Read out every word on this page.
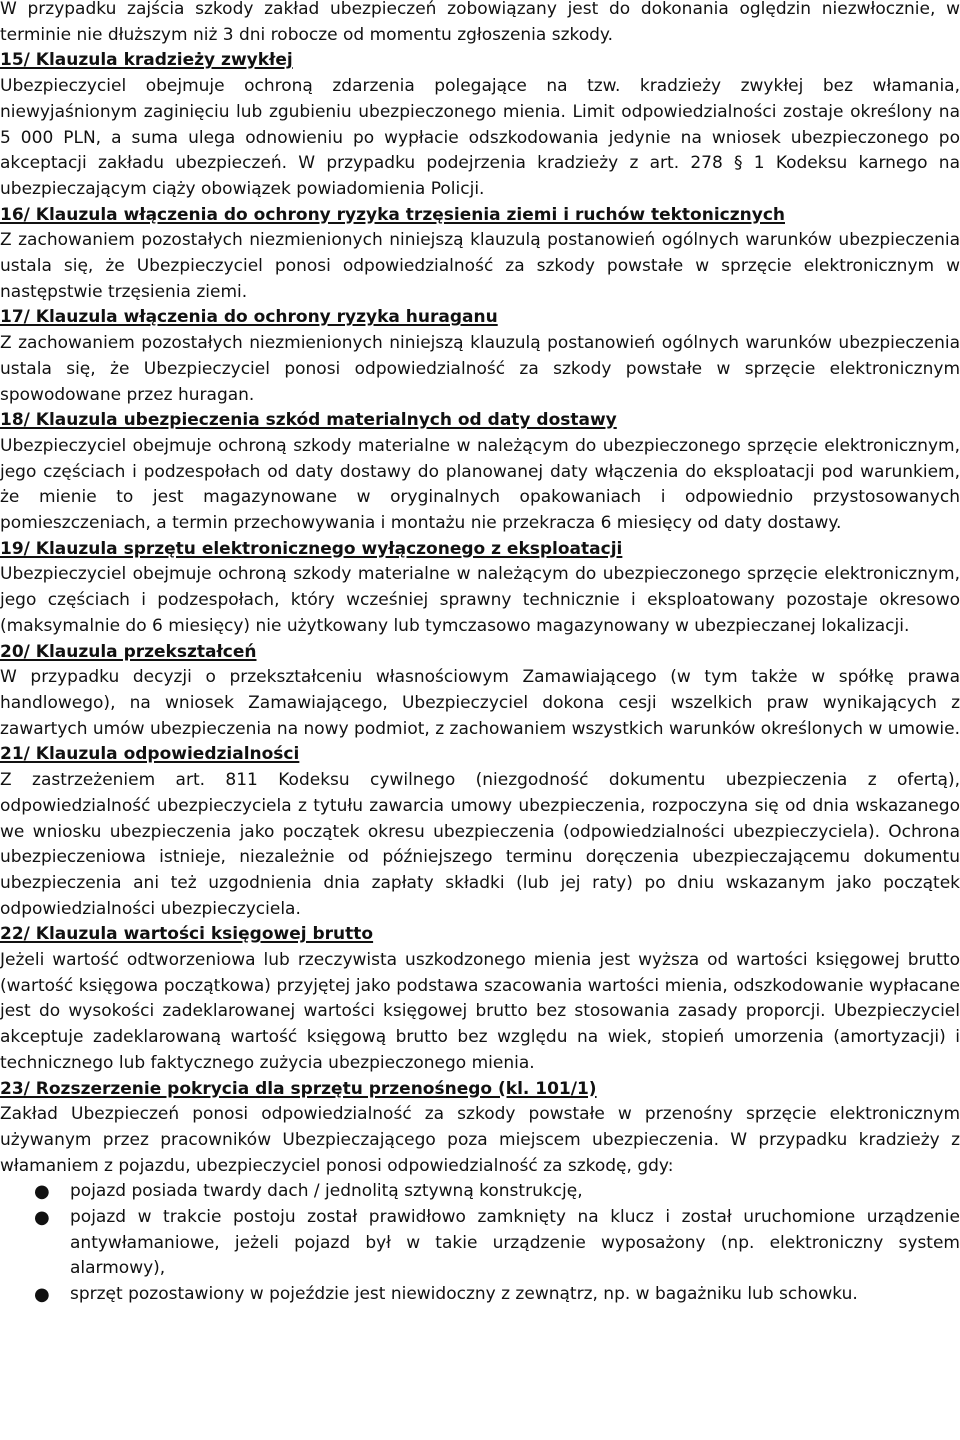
W przypadku zajścia szkody zakład ubezpieczeń zobowiązany jest do dokonania oględzin niezwłocznie, w terminie nie dłuższym niż 3 dni robocze od momentu zgłoszenia szkody.

15/ Klauzula kradzieży zwykłej

Ubezpieczyciel obejmuje ochroną zdarzenia polegające na tzw. kradzieży zwykłej bez włamania, niewyjaśnionym zaginięciu lub zgubieniu ubezpieczonego mienia. Limit odpowiedzialności zostaje określony na 5 000 PLN, a suma ulega odnowieniu po wypłacie odszkodowania jedynie na wniosek ubezpieczonego po akceptacji zakładu ubezpieczeń. W przypadku podejrzenia kradzieży z art. 278 § 1 Kodeksu karnego na ubezpieczającym ciąży obowiązek powiadomienia Policji.

16/ Klauzula włączenia do ochrony ryzyka trzęsienia ziemi i ruchów tektonicznych

Z zachowaniem pozostałych niezmienionych niniejszą klauzulą postanowień ogólnych warunków ubezpieczenia ustala się, że Ubezpieczyciel ponosi odpowiedzialność za szkody powstałe w sprzęcie elektronicznym w następstwie trzęsienia ziemi.

17/ Klauzula włączenia do ochrony ryzyka huraganu

Z zachowaniem pozostałych niezmienionych niniejszą klauzulą postanowień ogólnych warunków ubezpieczenia ustala się, że Ubezpieczyciel ponosi odpowiedzialność za szkody powstałe w sprzęcie elektronicznym spowodowane przez huragan.

18/ Klauzula ubezpieczenia szkód materialnych od daty dostawy

Ubezpieczyciel obejmuje ochroną szkody materialne w należącym do ubezpieczonego sprzęcie elektronicznym, jego częściach i podzespołach od daty dostawy do planowanej daty włączenia do eksploatacji pod warunkiem, że mienie to jest magazynowane w oryginalnych opakowaniach i odpowiednio przystosowanych pomieszczeniach, a termin przechowywania i montażu nie przekracza 6 miesięcy od daty dostawy.

19/ Klauzula sprzętu elektronicznego wyłączonego z eksploatacji

Ubezpieczyciel obejmuje ochroną szkody materialne w należącym do ubezpieczonego sprzęcie elektronicznym, jego częściach i podzespołach, który wcześniej sprawny technicznie i eksploatowany pozostaje okresowo (maksymalnie do 6 miesięcy) nie użytkowany lub tymczasowo magazynowany w ubezpieczanej lokalizacji.

20/ Klauzula przekształceń

W przypadku decyzji o przekształceniu własnościowym Zamawiającego (w tym także w spółkę prawa handlowego), na wniosek Zamawiającego, Ubezpieczyciel dokona cesji wszelkich praw wynikających z zawartych umów ubezpieczenia na nowy podmiot, z zachowaniem wszystkich warunków określonych w umowie.

21/ Klauzula odpowiedzialności

Z zastrzeżeniem art. 811 Kodeksu cywilnego (niezgodność dokumentu ubezpieczenia z ofertą), odpowiedzialność ubezpieczyciela z tytułu zawarcia umowy ubezpieczenia, rozpoczyna się od dnia wskazanego we wniosku ubezpieczenia jako początek okresu ubezpieczenia (odpowiedzialności ubezpieczyciela). Ochrona ubezpieczeniowa istnieje, niezależnie od późniejszego terminu doręczenia ubezpieczającemu dokumentu ubezpieczenia ani też uzgodnienia dnia zapłaty składki (lub jej raty) po dniu wskazanym jako początek odpowiedzialności ubezpieczyciela.

22/ Klauzula wartości księgowej brutto

Jeżeli wartość odtworzeniowa lub rzeczywista uszkodzonego mienia jest wyższa od wartości księgowej brutto (wartość księgowa początkowa) przyjętej jako podstawa szacowania wartości mienia, odszkodowanie wypłacane jest do wysokości zadeklarowanej wartości księgowej brutto bez stosowania zasady proporcji. Ubezpieczyciel akceptuje zadeklarowaną wartość księgową brutto bez względu na wiek, stopień umorzenia (amortyzacji) i technicznego lub faktycznego zużycia ubezpieczonego mienia.

23/ Rozszerzenie pokrycia dla sprzętu przenośnego (kl. 101/1)

Zakład Ubezpieczeń ponosi odpowiedzialność za szkody powstałe w przenośny sprzęcie elektronicznym używanym przez pracowników Ubezpieczającego poza miejscem ubezpieczenia. W przypadku kradzieży z włamaniem z pojazdu, ubezpieczyciel ponosi odpowiedzialność za szkodę, gdy:

● pojazd posiada twardy dach / jednolitą sztywną konstrukcję,
● pojazd w trakcie postoju został prawidłowo zamknięty na klucz i został uruchomione urządzenie antywłamaniowe, jeżeli pojazd był w takie urządzenie wyposażony (np. elektroniczny system alarmowy),
● sprzęt pozostawiony w pojeździe jest niewidoczny z zewnątrz, np. w bagażniku lub schowku.
